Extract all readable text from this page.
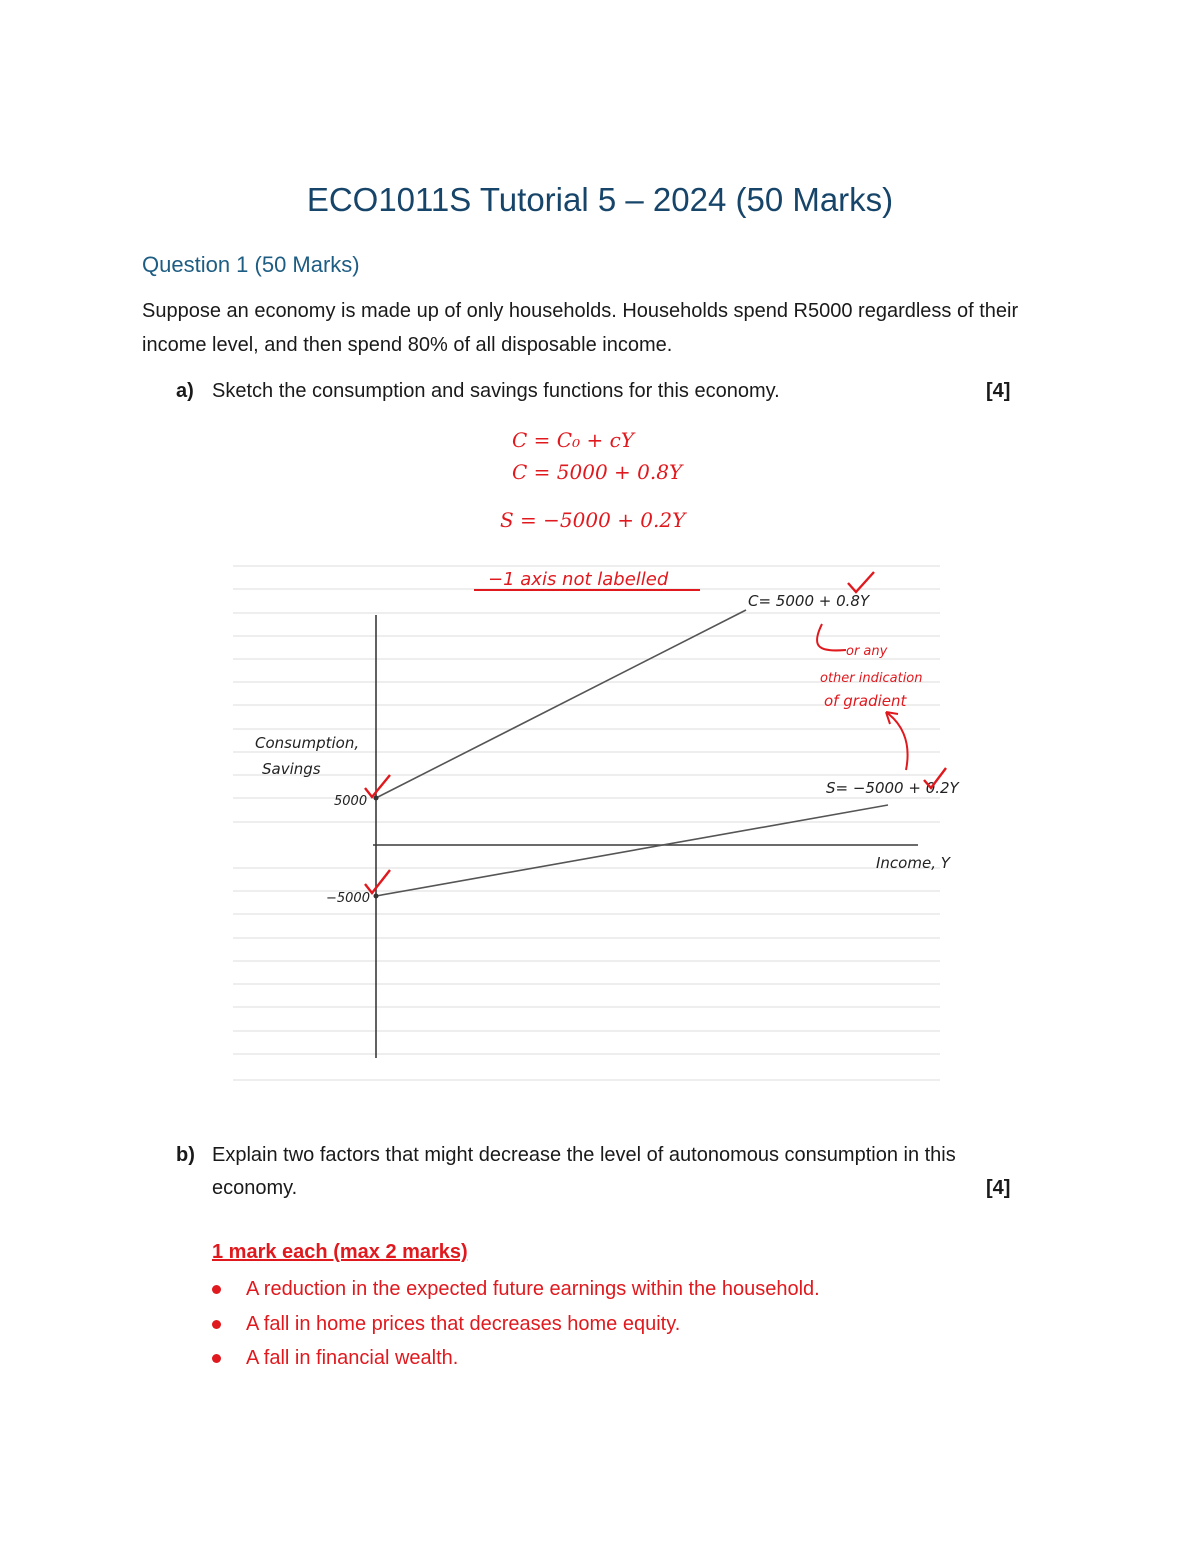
ECO1011S Tutorial 5 – 2024 (50 Marks)
Question 1 (50 Marks)
Suppose an economy is made up of only households. Households spend R5000 regardless of their income level, and then spend 80% of all disposable income.
a) Sketch the consumption and savings functions for this economy.	[4]
C = C₀ + cY
C = 5000 + 0.8Y
S = −5000 + 0.2Y
C= 5000 + 0.8Y
Consumption,
Savings
5000
S= −5000 + 0.2Y
Income, Y
−5000
−1 axis not labelled
or any
other indication
of gradient
b) Explain two factors that might decrease the level of autonomous consumption in this
economy.	[4]
1 mark each (max 2 marks)
A reduction in the expected future earnings within the household.
A fall in home prices that decreases home equity.
A fall in financial wealth.
